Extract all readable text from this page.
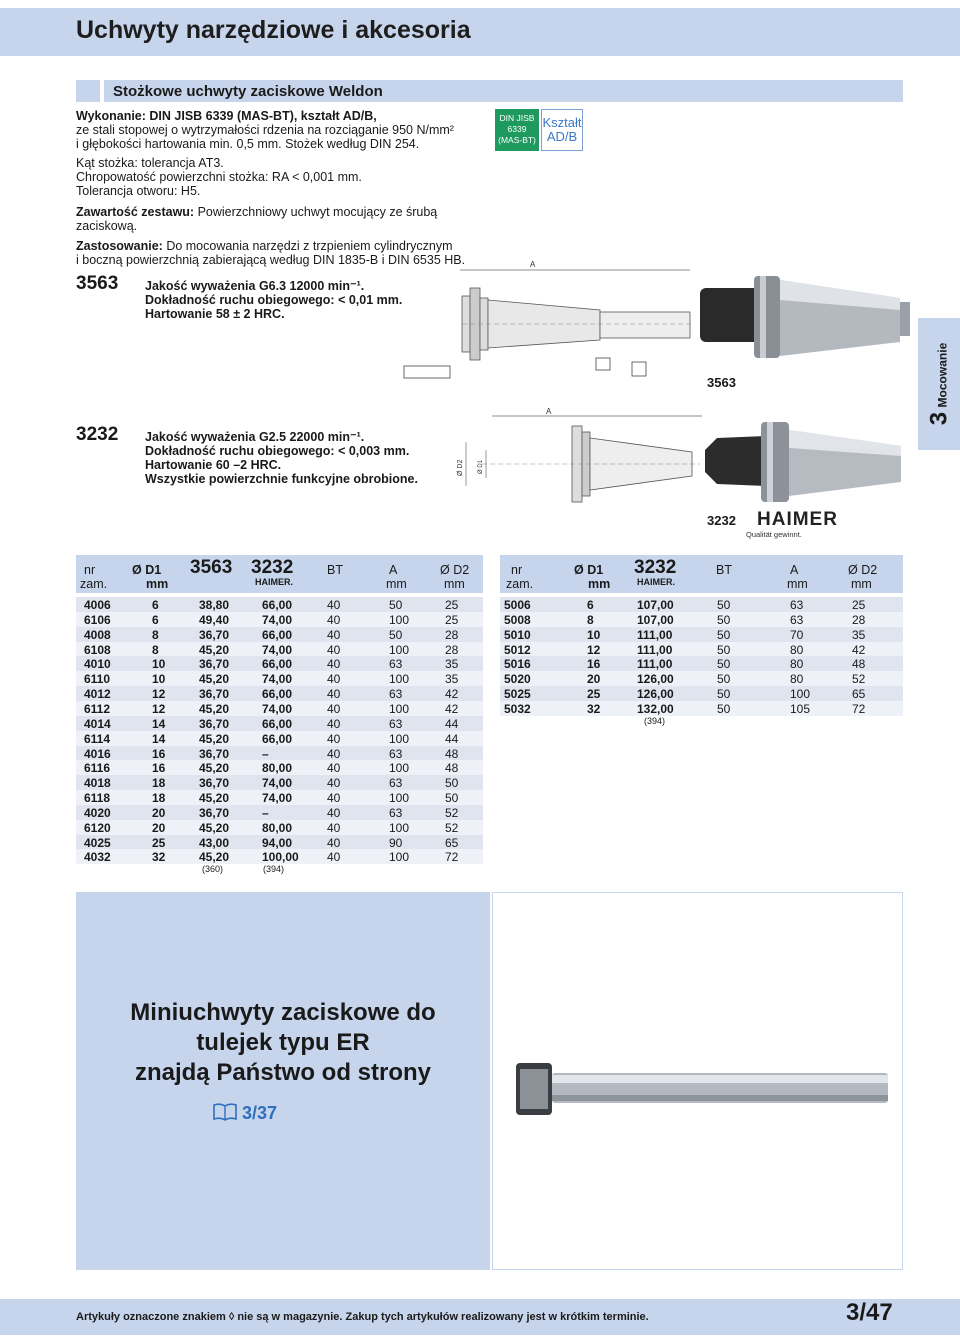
Uchwyty narzędziowe i akcesoria
Stożkowe uchwyty zaciskowe Weldon
Wykonanie: DIN JISB 6339 (MAS-BT), kształt AD/B,
ze stali stopowej o wytrzymałości rdzenia na rozciąganie 950 N/mm²
i głębokości hartowania min. 0,5 mm. Stożek według DIN 254.
Kąt stożka: tolerancja AT3.
Chropowatość powierzchni stożka: RA < 0,001 mm.
Tolerancja otworu: H5.
Zawartość zestawu: Powierzchniowy uchwyt mocujący ze śrubą
zaciskową.
Zastosowanie: Do mocowania narzędzi z trzpieniem cylindrycznym
i boczną powierzchnią zabierającą według DIN 1835-B i DIN 6535 HB.
DIN JISB
6339
(MAS-BT)
Kształt
AD/B
3563 Jakość wyważenia G6.3 12000 min⁻¹.
Dokładność ruchu obiegowego: < 0,01 mm.
Hartowanie 58 ± 2 HRC.
3232 Jakość wyważenia G2.5 22000 min⁻¹.
Dokładność ruchu obiegowego: < 0,003 mm.
Hartowanie 60 –2 HRC.
Wszystkie powierzchnie funkcyjne obrobione.
A
3563
3 Mocowanie
A
Ø D2 Ø D1
3232 HAIMER
Qualität gewinnt.
nr
zam.
Ø D1
mm
3563 3232
HAIMER.
BT	A
mm
Ø D2
mm
4006	6	38,80	66,00	40	50	25
6106	6	49,40	74,00	40	100	25
4008	8	36,70	66,00	40	50	28
6108	8	45,20	74,00	40	100	28
4010	10	36,70	66,00	40	63	35
6110	10	45,20	74,00	40	100	35
4012	12	36,70	66,00	40	63	42
6112	12	45,20	74,00	40	100	42
4014	14	36,70	66,00	40	63	44
6114	14	45,20	66,00	40	100	44
4016	16	36,70	–	40	63	48
6116	16	45,20	80,00	40	100	48
4018	18	36,70	74,00	40	63	50
6118	18	45,20	74,00	40	100	50
4020	20	36,70	–	40	63	52
6120	20	45,20	80,00	40	100	52
4025	25	43,00	94,00	40	90	65
4032	32	45,20	100,00 40	100	72
(360)	(394)
nr
zam.
Ø D1
mm
3232
HAIMER.
BT	A
mm
Ø D2
mm
5006	6	107,00	50	63	25
5008	8	107,00	50	63	28
5010	10	111,00	50	70	35
5012	12	111,00	50	80	42
5016	16	111,00	50	80	48
5020	20	126,00	50	80	52
5025	25	126,00	50	100	65
5032	32	132,00	50	105	72
(394)
Miniuchwyty zaciskowe do
tulejek typu ER
znajdą Państwo od strony
3/37
Artykuły oznaczone znakiem ◊ nie są w magazynie. Zakup tych artykułów realizowany jest w krótkim terminie.	3/47
